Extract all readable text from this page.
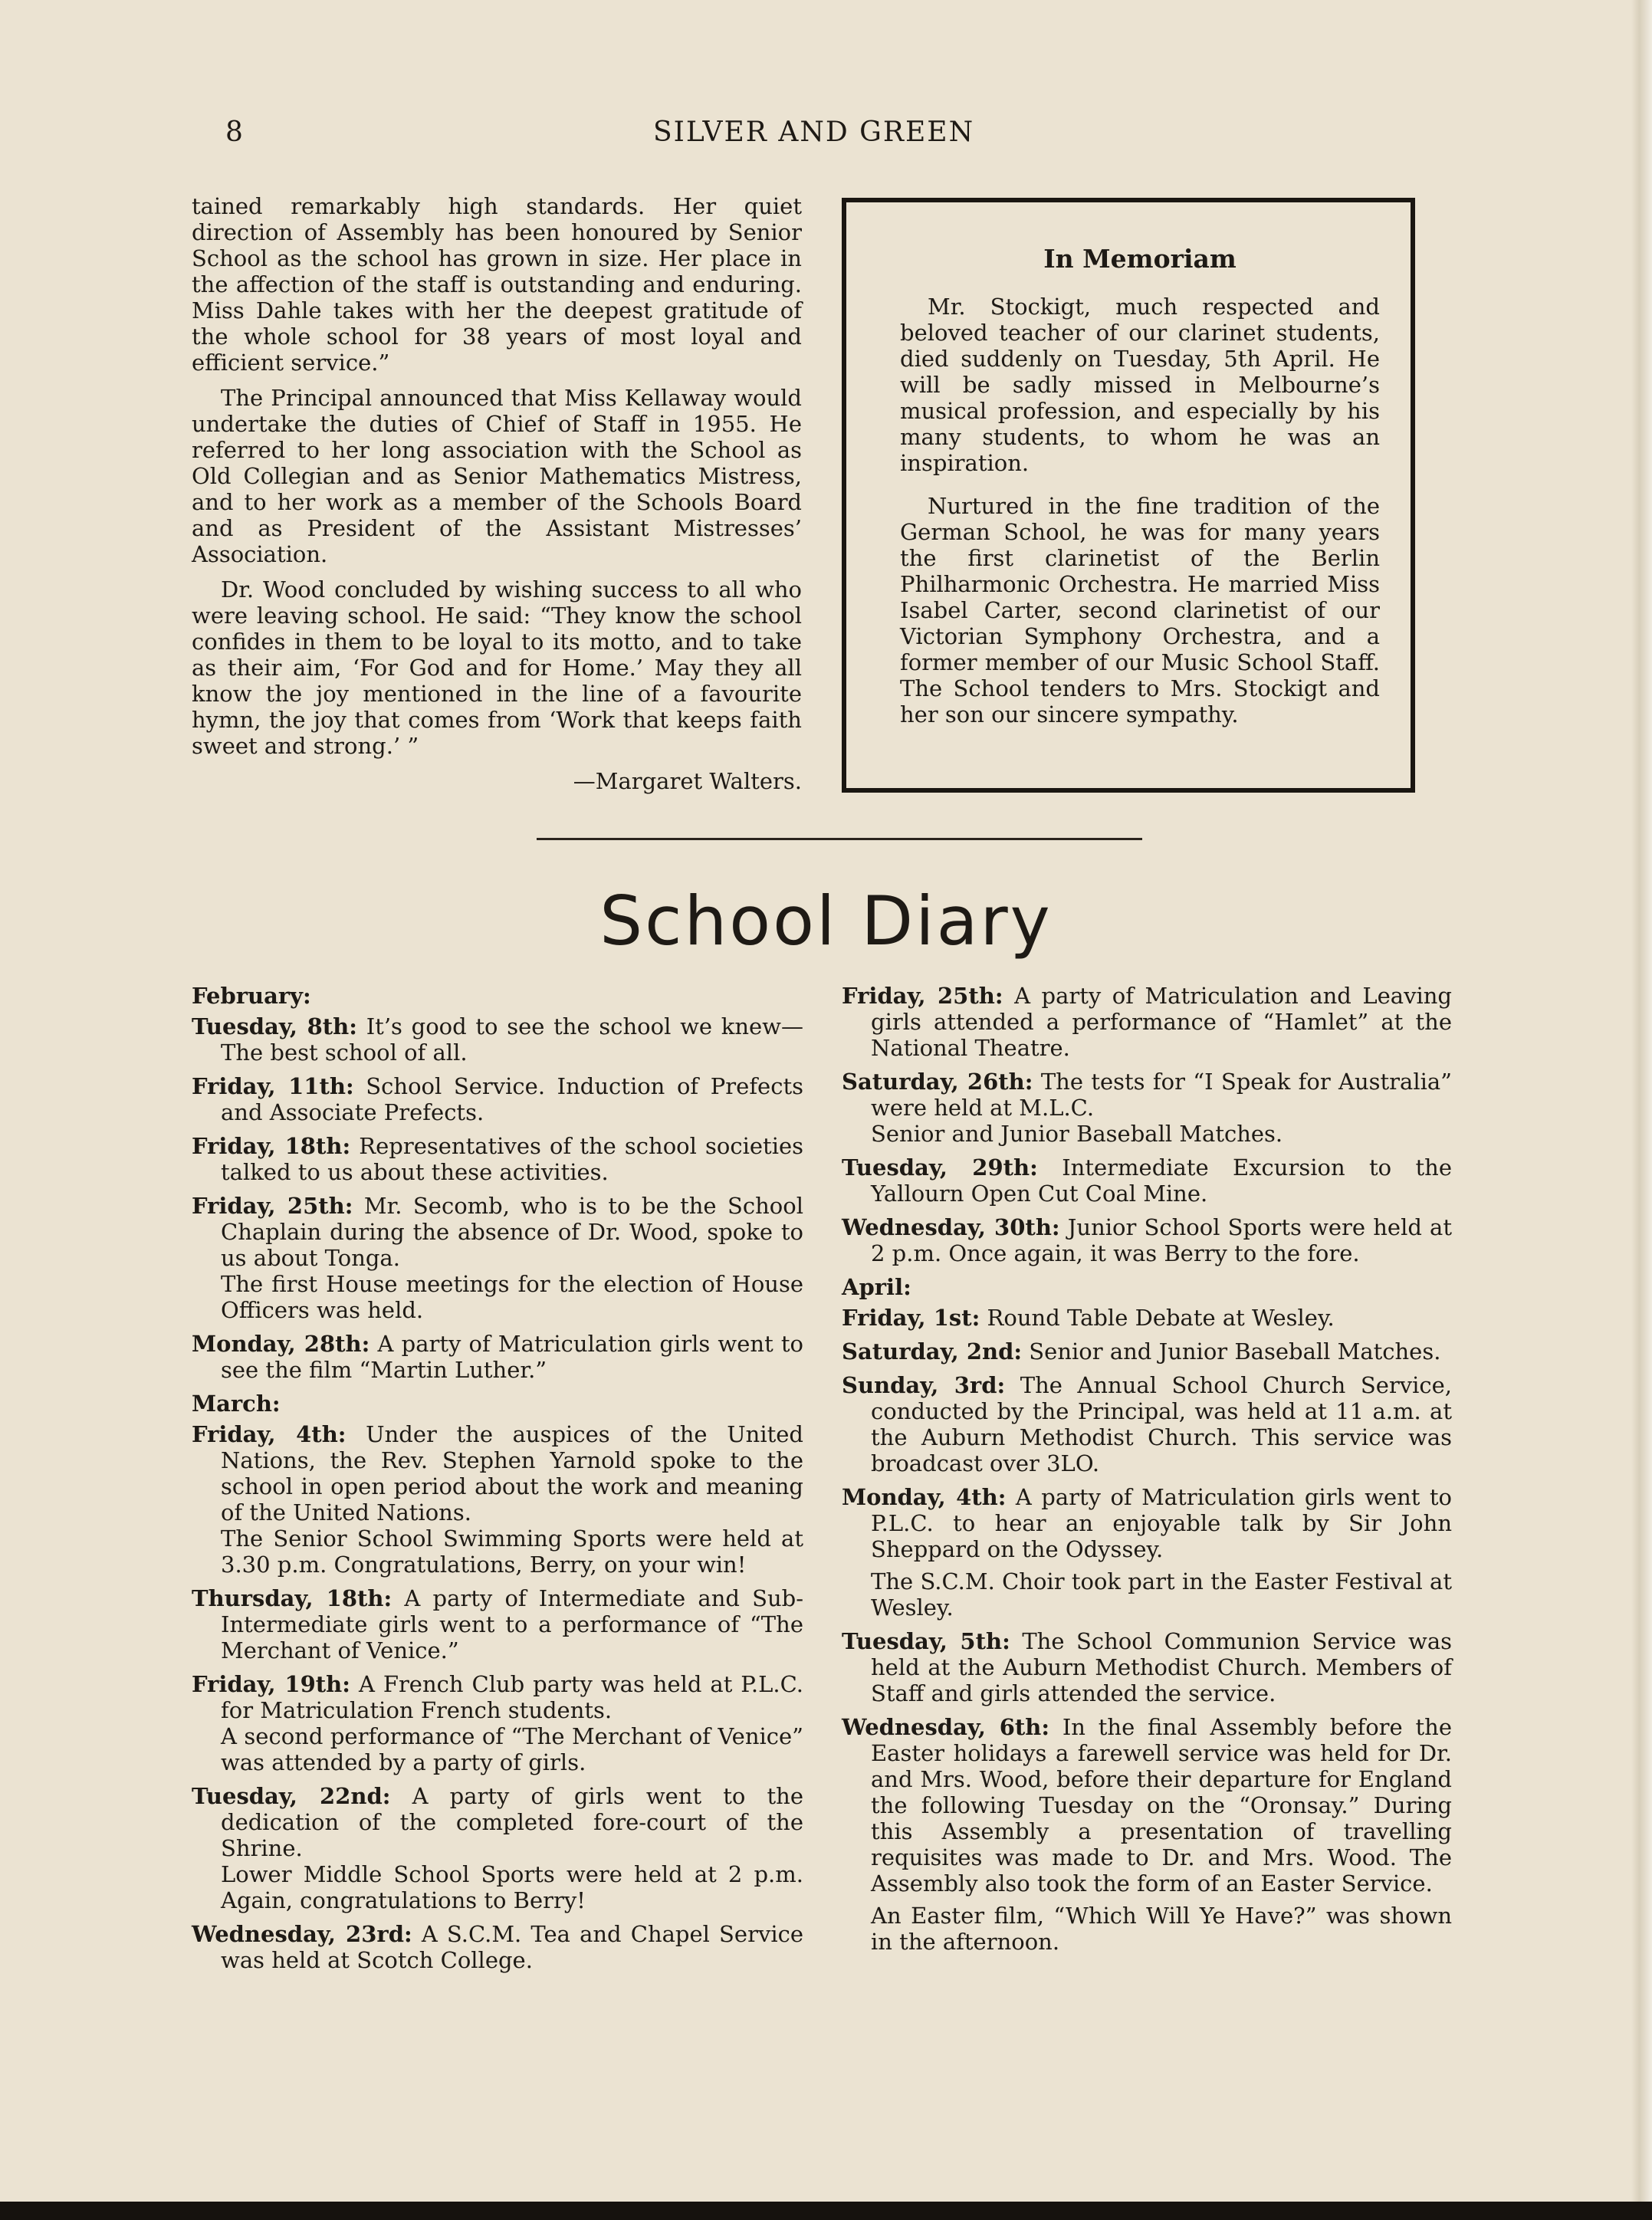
8	SILVER AND GREEN

tained remarkably high standards. Her quiet direction of Assembly has been honoured by Senior School as the school has grown in size. Her place in the affection of the staff is outstanding and enduring. Miss Dahle takes with her the deepest gratitude of the whole school for 38 years of most loyal and efficient service.”

The Principal announced that Miss Kellaway would undertake the duties of Chief of Staff in 1955. He referred to her long association with the School as Old Collegian and as Senior Mathematics Mistress, and to her work as a member of the Schools Board and as President of the Assistant Mistresses’ Association.

Dr. Wood concluded by wishing success to all who were leaving school. He said: “They know the school confides in them to be loyal to its motto, and to take as their aim, ‘For God and for Home.’ May they all know the joy mentioned in the line of a favourite hymn, the joy that comes from ‘Work that keeps faith sweet and strong.’ ”

—Margaret Walters.

In Memoriam

Mr. Stockigt, much respected and beloved teacher of our clarinet students, died suddenly on Tuesday, 5th April. He will be sadly missed in Melbourne’s musical profession, and especially by his many students, to whom he was an inspiration.

Nurtured in the fine tradition of the German School, he was for many years the first clarinetist of the Berlin Philharmonic Orchestra. He married Miss Isabel Carter, second clarinetist of our Victorian Symphony Orchestra, and a former member of our Music School Staff. The School tenders to Mrs. Stockigt and her son our sincere sympathy.

School Diary
February:

Tuesday, 8th: It’s good to see the school we knew— The best school of all.

Friday, 11th: School Service. Induction of Prefects and Associate Prefects.

Friday, 18th: Representatives of the school societies talked to us about these activities.

Friday, 25th: Mr. Secomb, who is to be the School Chaplain during the absence of Dr. Wood, spoke to us about Tonga.
The first House meetings for the election of House Officers was held.

Monday, 28th: A party of Matriculation girls went to see the film “Martin Luther.”

March:

Friday, 4th: Under the auspices of the United Nations, the Rev. Stephen Yarnold spoke to the school in open period about the work and meaning of the United Nations.
The Senior School Swimming Sports were held at 3.30 p.m. Congratulations, Berry, on your win!

Thursday, 18th: A party of Intermediate and Sub-Intermediate girls went to a performance of “The Merchant of Venice.”

Friday, 19th: A French Club party was held at P.L.C. for Matriculation French students.
A second performance of “The Merchant of Venice” was attended by a party of girls.

Tuesday, 22nd: A party of girls went to the dedication of the completed fore-court of the Shrine.
Lower Middle School Sports were held at 2 p.m. Again, congratulations to Berry!

Wednesday, 23rd: A S.C.M. Tea and Chapel Service was held at Scotch College.

Friday, 25th: A party of Matriculation and Leaving girls attended a performance of “Hamlet” at the National Theatre.

Saturday, 26th: The tests for “I Speak for Australia” were held at M.L.C.
Senior and Junior Baseball Matches.

Tuesday, 29th: Intermediate Excursion to the Yallourn Open Cut Coal Mine.

Wednesday, 30th: Junior School Sports were held at 2 p.m. Once again, it was Berry to the fore.

April:

Friday, 1st: Round Table Debate at Wesley.

Saturday, 2nd: Senior and Junior Baseball Matches.

Sunday, 3rd: The Annual School Church Service, conducted by the Principal, was held at 11 a.m. at the Auburn Methodist Church. This service was broadcast over 3LO.

Monday, 4th: A party of Matriculation girls went to P.L.C. to hear an enjoyable talk by Sir John Sheppard on the Odyssey.
The S.C.M. Choir took part in the Easter Festival at Wesley.

Tuesday, 5th: The School Communion Service was held at the Auburn Methodist Church. Members of Staff and girls attended the service.

Wednesday, 6th: In the final Assembly before the Easter holidays a farewell service was held for Dr. and Mrs. Wood, before their departure for England the following Tuesday on the “Oronsay.” During this Assembly a presentation of travelling requisites was made to Dr. and Mrs. Wood. The Assembly also took the form of an Easter Service.
An Easter film, “Which Will Ye Have?” was shown in the afternoon.
